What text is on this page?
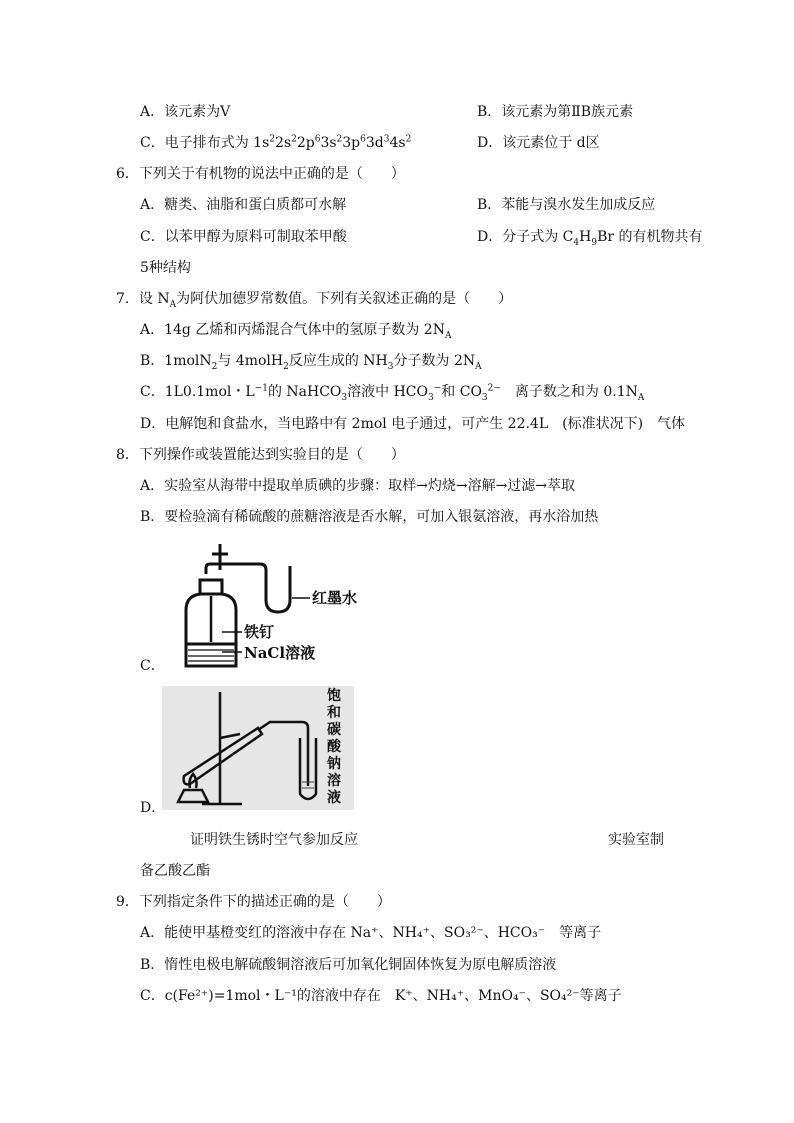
A．该元素为Ⅴ	B．该元素为第ⅡB族元素
C．电子排布式为 $1s^22s^22p^63s^23p^63d^34s^2$	D．该元素位于 d区
6．下列关于有机物的说法中正确的是（　　）
A．糖类、油脂和蛋白质都可水解	B．苯能与溴水发生加成反应
C．以苯甲醇为原料可制取苯甲酸	D．分子式为 $C_4H_9Br$ 的有机物共有
5种结构
7．设 $N_A$为阿伏加德罗常数值。下列有关叙述正确的是（　　）
A．14g 乙烯和丙烯混合气体中的氢原子数为 $2N_A$
B．1molN$_2$与 4molH$_2$反应生成的 $NH_3$分子数为 $2N_A$
C．1L0.1mol・$L^{-1}$的 NaHCO$_3$溶液中 $HCO_3^-$和 $CO_3^{2-}$　离子数之和为 $0.1N_A$
D．电解饱和食盐水，当电路中有 2mol 电子通过，可产生 22.4L　(标准状况下)　气体
8．下列操作或装置能达到实验目的是（　　）
A．实验室从海带中提取单质碘的步骤：取样→灼烧→溶解→过滤→萃取
B．要检验滴有稀硫酸的蔗糖溶液是否水解，可加入银氨溶液，再水浴加热
红墨水
铁钉
NaCl溶液
C．
饱
和
碳
酸
钠
溶
液
D．
证明铁生锈时空气参加反应	实验室制
备乙酸乙酯
9．下列指定条件下的描述正确的是（　　）
A．能使甲基橙变红的溶液中存在 Na⁺、NH₄⁺、SO₃²⁻、HCO₃⁻　等离子
B．惰性电极电解硫酸铜溶液后可加氧化铜固体恢复为原电解质溶液
C．c(Fe²⁺)=1mol・L⁻¹的溶液中存在　K⁺、NH₄⁺、MnO₄⁻、SO₄²⁻等离子
